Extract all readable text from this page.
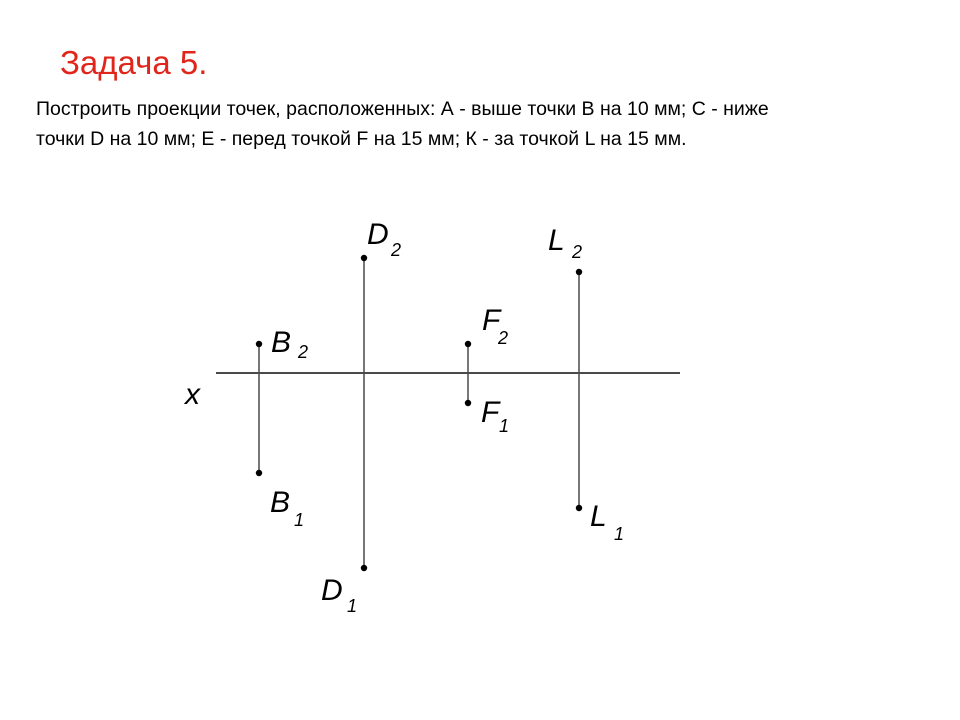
Задача 5.
Построить проекции точек, расположенных: А - выше точки В на 10 мм; С - ниже
точки D на 10 мм; Е - перед точкой F на 15 мм; К - за точкой L на 15 мм.
x
B 2
B
1
D 2
D 1
F
2
F 1
L 2
L
1
